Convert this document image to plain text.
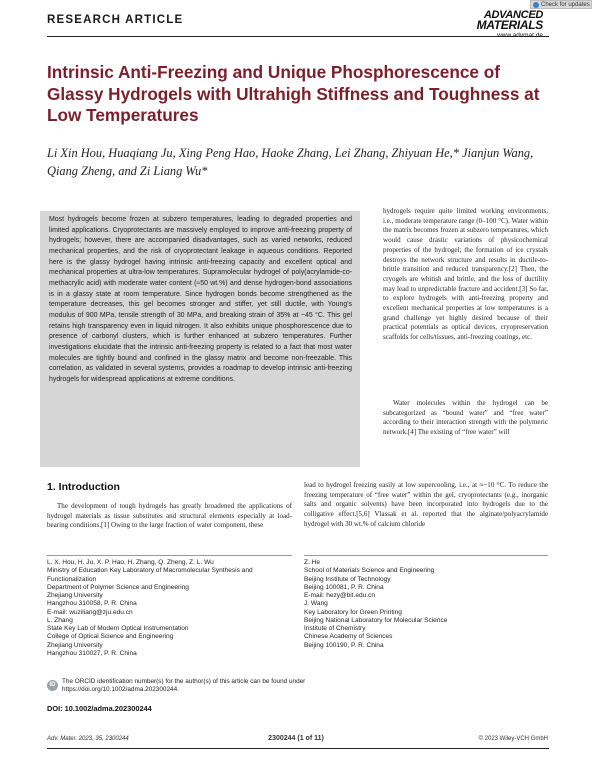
Check for updates
RESEARCH ARTICLE	ADVANCED
MATERIALS
Intrinsic Anti-Freezing and Unique Phosphorescence of Glassy Hydrogels with Ultrahigh Stiffness and Toughness at Low Temperatures
Li Xin Hou, Huaqiang Ju, Xing Peng Hao, Haoke Zhang, Lei Zhang, Zhiyuan He,* Jianjun Wang, Qiang Zheng, and Zi Liang Wu*
Most hydrogels become frozen at subzero temperatures, leading to degraded properties and limited applications. Cryoprotectants are massively employed to improve anti-freezing property of hydrogels; however, there are accompanied disadvantages, such as varied networks, reduced mechanical properties, and the risk of cryoprotectant leakage in aqueous conditions. Reported here is the glassy hydrogel having intrinsic anti-freezing capacity and excellent optical and mechanical properties at ultra-low temperatures. Supramolecular hydrogel of poly(acrylamide-co-methacrylic acid) with moderate water content (≈50 wt.%) and dense hydrogen-bond associations is in a glassy state at room temperature. Since hydrogen bonds become strengthened as the temperature decreases, this gel becomes stronger and stiffer, yet still ductile, with Young's modulus of 900 MPa, tensile strength of 30 MPa, and breaking strain of 35% at −45 °C. This gel retains high transparency even in liquid nitrogen. It also exhibits unique phosphorescence due to presence of carbonyl clusters, which is further enhanced at subzero temperatures. Further investigations elucidate that the intrinsic anti-freezing property is related to a fact that most water molecules are tightly bound and confined in the glassy matrix and become non-freezable. This correlation, as validated in several systems, provides a roadmap to develop intrinsic anti-freezing hydrogels for widespread applications at extreme conditions.
hydrogels require quite limited working environments, i.e., moderate temperature range (0–100 °C). Water within the matrix becomes frozen at subzero temperatures, which would cause drastic variations of physicochemical properties of the hydrogel; the formation of ice crystals destroys the network structure and results in ductile-to-brittle transition and reduced transparency.[2] Then, the cryogels are whitish and brittle, and the loss of ductility may lead to unpredictable fracture and accident.[3] So far, to explore hydrogels with anti-freezing property and excellent mechanical properties at low temperatures is a grand challenge yet highly desired because of their practical potentials as optical devices, cryopreservation scaffolds for cells/tissues, anti-freezing coatings, etc.
Water molecules within the hydrogel can be subcategorized as “bound water” and “free water” according to their interaction strength with the polymeric network.[4] The existing of “free water” will
lead to hydrogel freezing easily at low supercooling, i.e., at ≈−10 °C. To reduce the freezing temperature of “free water” within the gel, cryoprotectants (e.g., inorganic salts and organic solvents) have been incorporated into hydrogels due to the colligative effect.[5,6] Vlassak et al. reported that the alginate/polyacrylamide hydrogel with 30 wt.% of calcium chloride
1. Introduction
The development of tough hydrogels has greatly broadened the applications of hydrogel materials as tissue substitutes and structural elements especially at load-bearing conditions.[1] Owing to the large fraction of water component, these
L. X. Hou, H. Ju, X. P. Hao, H. Zhang, Q. Zheng, Z. L. Wu
Ministry of Education Key Laboratory of Macromolecular Synthesis and Functionalization
Department of Polymer Science and Engineering
Zhejiang University
Hangzhou 310058, P. R. China
E-mail: wuziliang@zju.edu.cn
L. Zhang
State Key Lab of Modern Optical Instrumentation
College of Optical Science and Engineering
Zhejiang University
Hangzhou 310027, P. R. China
Z. He
School of Materials Science and Engineering
Beijing Institute of Technology
Beijing 100081, P. R. China
E-mail: hezy@bit.edu.cn
J. Wang
Key Laboratory for Green Printing
Beijing National Laboratory for Molecular Science
Institute of Chemistry
Chinese Academy of Sciences
Beijing 100190, P. R. China
ID	The ORCID identification number(s) for the author(s) of this article can be found under https://doi.org/10.1002/adma.202300244.
DOI: 10.1002/adma.202300244
Adv. Mater. 2023, 35, 2300244	2300244 (1 of 11)	© 2023 Wiley-VCH GmbH
